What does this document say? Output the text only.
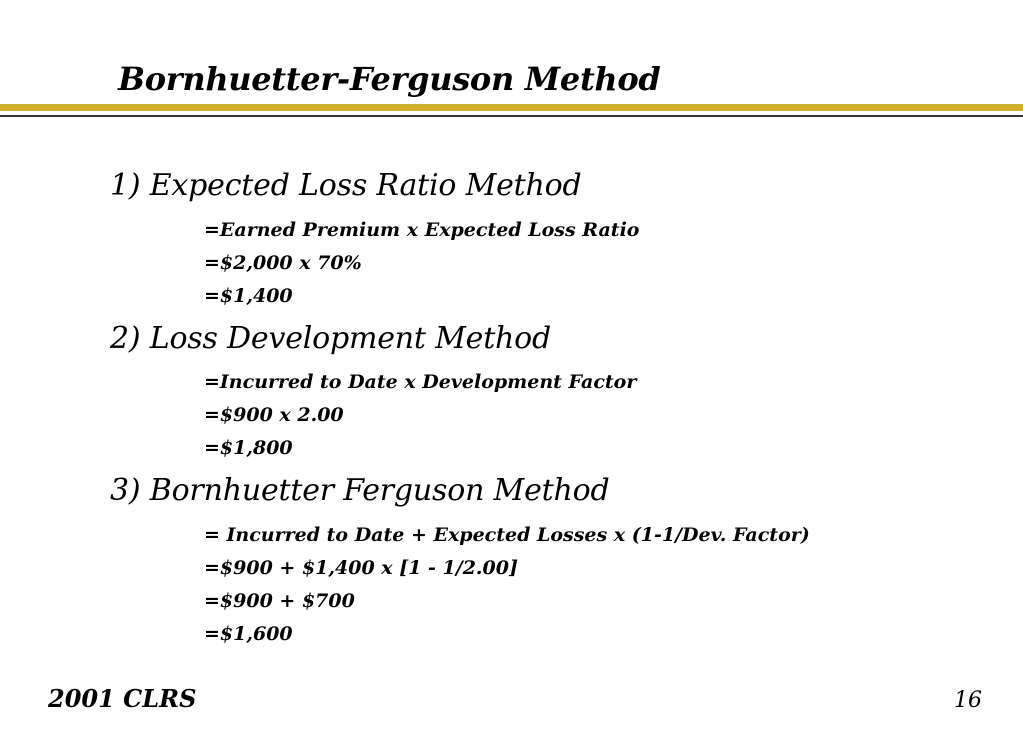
Bornhuetter-Ferguson Method
1) Expected Loss Ratio Method
=Earned Premium x Expected Loss Ratio
=$2,000 x 70%
=$1,400
2) Loss Development Method
=Incurred to Date x Development Factor
=$900 x 2.00
=$1,800
3) Bornhuetter Ferguson Method
= Incurred to Date + Expected Losses x (1-1/Dev. Factor)
=$900 + $1,400 x [1 - 1/2.00]
=$900 + $700
=$1,600
2001 CLRS	16
